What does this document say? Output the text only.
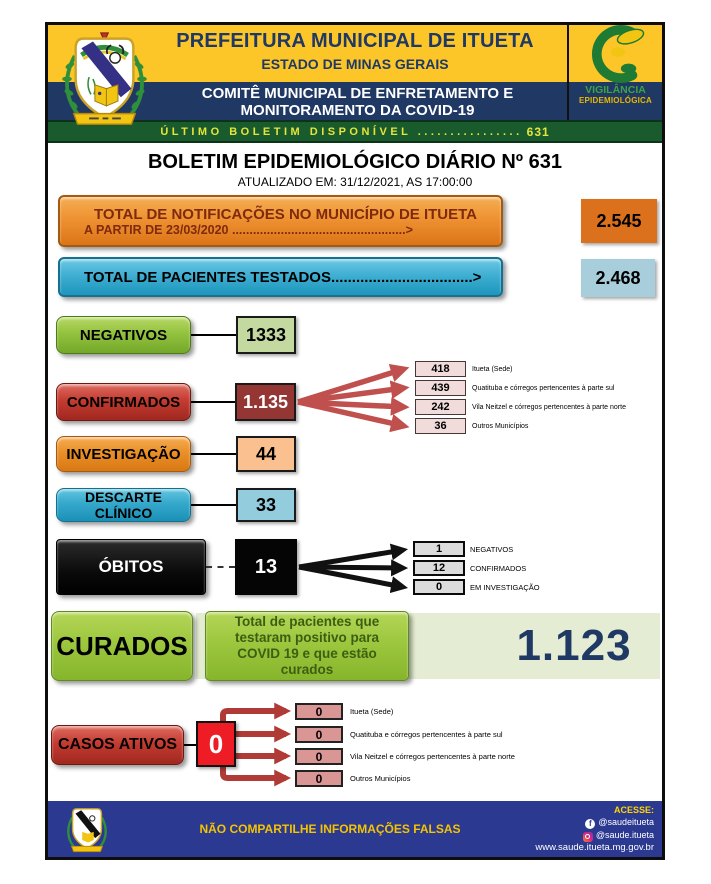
ÚLTIMO BOLETIM DISPONÍVEL ................ 631
PREFEITURA MUNICIPAL DE ITUETA
ESTADO DE MINAS GERAIS
COMITÊ MUNICIPAL DE ENFRETAMENTO E
MONITORAMENTO DA COVID-19
VIGILÂNCIA
EPIDEMIOLÓGICA
BOLETIM EPIDEMIOLÓGICO DIÁRIO Nº 631
ATUALIZADO EM: 31/12/2021, AS 17:00:00
TOTAL DE NOTIFICAÇÕES NO MUNICÍPIO DE ITUETA
A PARTIR DE 23/03/2020 ..................................................>	2.545
TOTAL DE PACIENTES TESTADOS..................................>	2.468
NEGATIVOS	1333
CONFIRMADOS	1.135
418	Itueta (Sede)
439	Quatituba e córregos pertencentes à parte sul
242	Vila Neitzel e córregos pertencentes à parte norte
36	Outros Municípios
INVESTIGAÇÃO	44
DESCARTE CLÍNICO	33
ÓBITOS	13
1	NEGATIVOS
12	CONFIRMADOS
0	EM INVESTIGAÇÃO
CURADOS
Total de pacientes que testaram positivo para COVID 19 e que estão curados	1.123
CASOS ATIVOS	0
0	Itueta (Sede)
0	Quatituba e córregos pertencentes à parte sul
0	Vila Neitzel e córregos pertencentes à parte norte
0	Outros Municípios
NÃO COMPARTILHE INFORMAÇÕES FALSAS
ACESSE:
f @saudeitueta
@saude.itueta
www.saude.itueta.mg.gov.br
